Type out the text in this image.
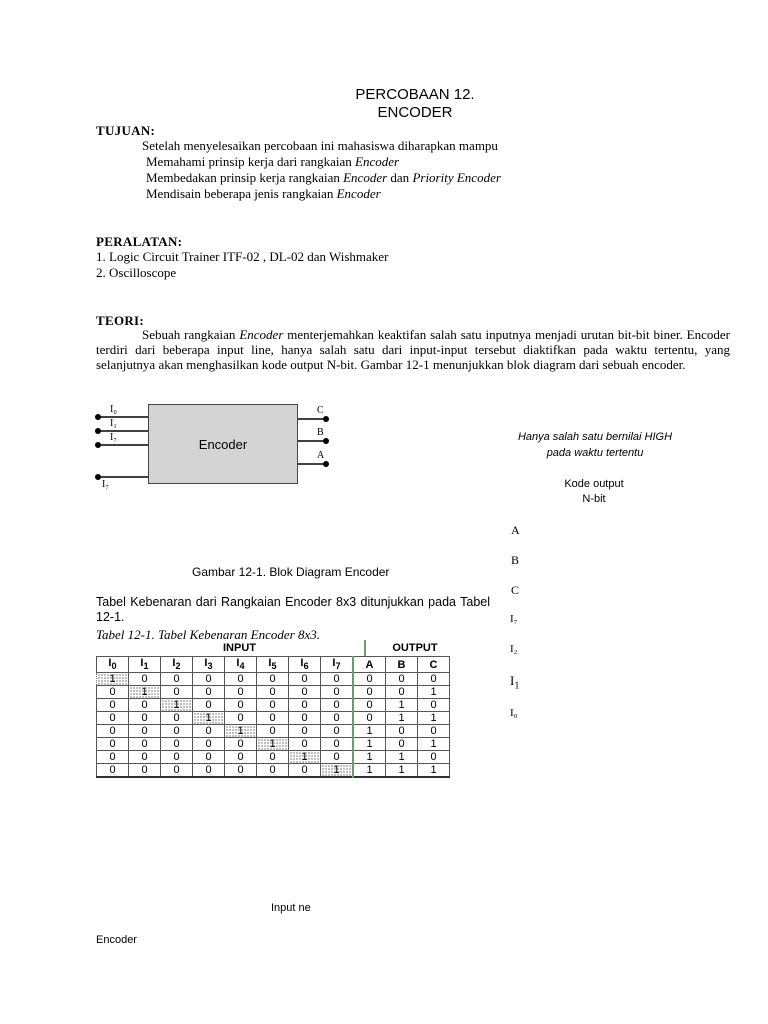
PERCOBAAN 12.
ENCODER
TUJUAN:
Setelah menyelesaikan percobaan ini mahasiswa diharapkan mampu
Memahami prinsip kerja dari rangkaian Encoder
Membedakan prinsip kerja rangkaian Encoder dan Priority Encoder
Mendisain beberapa jenis rangkaian Encoder
PERALATAN:
1. Logic Circuit Trainer ITF-02 , DL-02 dan Wishmaker
2. Oscilloscope
TEORI:
Sebuah rangkaian Encoder menterjemahkan keaktifan salah satu inputnya menjadi urutan bit-bit biner. Encoder terdiri dari beberapa input line, hanya salah satu dari input-input tersebut diaktifkan pada waktu tertentu, yang selanjutnya akan menghasilkan kode output N-bit. Gambar 12-1 menunjukkan blok diagram dari sebuah encoder.
Encoder
I₀
I₁
I₇
I₇
C
B
A
Hanya salah satu bernilai HIGH
pada waktu tertentu
Kode output
N-bit
A
B
C
I₇
I₂
$I_1$
I₀
Gambar 12-1. Blok Diagram Encoder
Tabel Kebenaran dari Rangkaian Encoder 8x3 ditunjukkan pada Tabel 12-1.
Tabel 12-1. Tabel Kebenaran Encoder 8x3.
INPUT	OUTPUT
$I_0$	$I_1$	$I_2$	$I_3$	$I_4$	$I_5$	$I_6$	$I_7$	A	B	C
1	0	0	0	0	0	0	0	0	0	0
0	1	0	0	0	0	0	0	0	0	1
0	0	1	0	0	0	0	0	0	1	0
0	0	0	1	0	0	0	0	0	1	1
0	0	0	0	1	0	0	0	1	0	0
0	0	0	0	0	1	0	0	1	0	1
0	0	0	0	0	0	1	0	1	1	0
0	0	0	0	0	0	0	1	1	1	1
Input ne
Encoder
